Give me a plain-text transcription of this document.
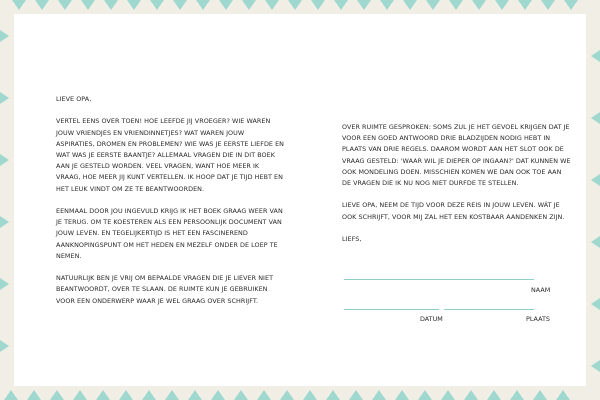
LIEVE OPA,

VERTEL EENS OVER TOEN! HOE LEEFDE JIJ VROEGER? WIE WAREN JOUW VRIENDJES EN VRIENDINNETJES? WAT WAREN JOUW ASPIRATIES, DROMEN EN PROBLEMEN? WIE WAS JE EERSTE LIEFDE EN WAT WAS JE EERSTE BAANTJE? ALLEMAAL VRAGEN DIE IN DIT BOEK AAN JE GESTELD WORDEN. VEEL VRAGEN, WANT HOE MEER IK VRAAG, HOE MEER JIJ KUNT VERTELLEN. IK HOOP DAT JE TIJD HEBT EN HET LEUK VINDT OM ZE TE BEANTWOORDEN.

EENMAAL DOOR JOU INGEVULD KRIJG IK HET BOEK GRAAG WEER VAN JE TERUG. OM TE KOESTEREN ALS EEN PERSOONLIJK DOCUMENT VAN JOUW LEVEN. EN TEGELIJKERTIJD IS HET EEN FASCINEREND AANKNOPINGSPUNT OM HET HEDEN EN MEZELF ONDER DE LOEP TE NEMEN.

NATUURLIJK BEN JE VRIJ OM BEPAALDE VRAGEN DIE JE LIEVER NIET BEANTWOORDT, OVER TE SLAAN. DE RUIMTE KUN JE GEBRUIKEN VOOR EEN ONDERWERP WAAR JE WEL GRAAG OVER SCHRIJFT.

OVER RUIMTE GESPROKEN: SOMS ZUL JE HET GEVOEL KRIJGEN DAT JE VOOR EEN GOED ANTWOORD DRIE BLADZIJDEN NODIG HEBT IN PLAATS VAN DRIE REGELS. DAAROM WORDT AAN HET SLOT OOK DE VRAAG GESTELD: 'WAAR WIL JE DIEPER OP INGAAN?' DAT KUNNEN WE OOK MONDELING DOEN. MISSCHIEN KOMEN WE DAN OOK TOE AAN DE VRAGEN DIE IK NU NOG NIET DURFDE TE STELLEN.

LIEVE OPA, NEEM DE TIJD VOOR DEZE REIS IN JOUW LEVEN. WÁT JE OOK SCHRIJFT, VOOR MIJ ZAL HET EEN KOSTBAAR AANDENKEN ZIJN.

LIEFS,

NAAM
DATUM	PLAATS
